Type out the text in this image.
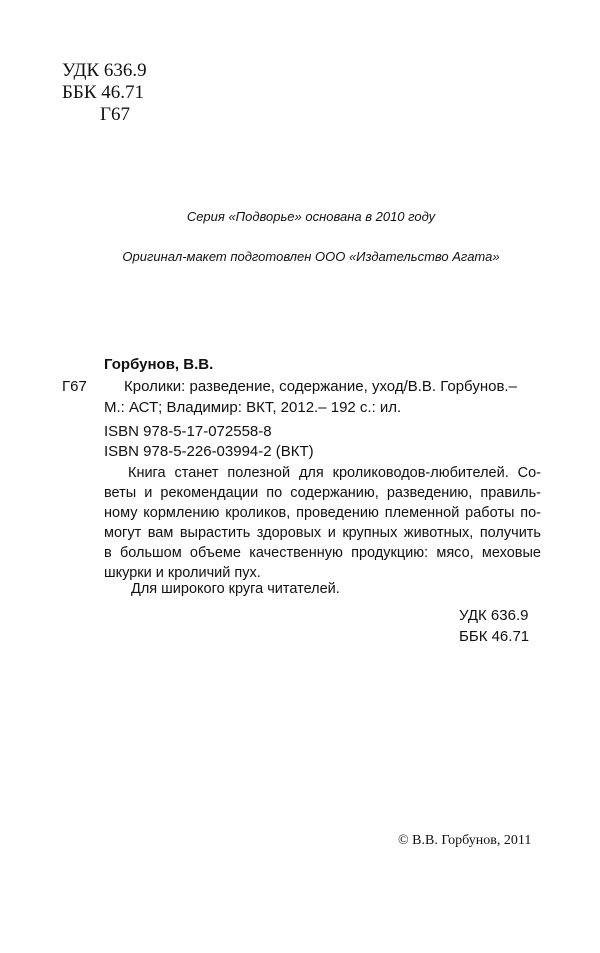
УДК 636.9
ББК 46.71
Г67
Серия «Подворье» основана в 2010 году
Оригинал-макет подготовлен ООО «Издательство Агата»
Горбунов, В.В.
Г67 Кролики: разведение, содержание, уход/В.В. Горбунов.–
М.: АСТ; Владимир: ВКТ, 2012.– 192 с.: ил.
ISBN 978-5-17-072558-8
ISBN 978-5-226-03994-2 (ВКТ)
Книга станет полезной для кролиководов-любителей. Со-
веты и рекомендации по содержанию, разведению, правиль-
ному кормлению кроликов, проведению племенной работы по-
могут вам вырастить здоровых и крупных животных, получить
в большом объеме качественную продукцию: мясо, меховые
шкурки и кроличий пух.
Для широкого круга читателей.
УДК 636.9
ББК 46.71
© В.В. Горбунов, 2011
